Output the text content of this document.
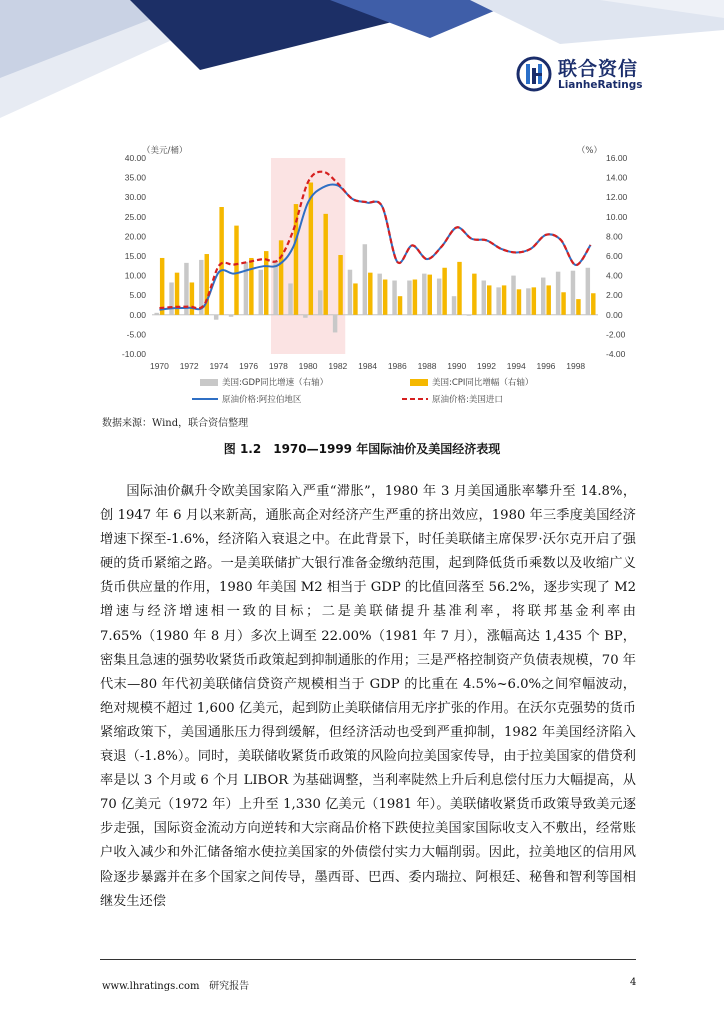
联合资信
LianheRatings
40.00
35.00
30.00
25.00
20.00
15.00
10.00
5.00
0.00
-5.00
-10.00
16.00
14.00
12.00
10.00
8.00
6.00
4.00
2.00
0.00
-2.00
-4.00
（美元/桶）	（%）
1970 1972 1974 1976 1978 1980 1982 1984 1986 1988 1990 1992 1994 1996 1998
美国:GDP同比增速（右轴）	美国:CPI同比增幅（右轴）
原油价格:阿拉伯地区	原油价格:美国进口
数据来源：Wind，联合资信整理
图 1.2　1970—1999 年国际油价及美国经济表现

国际油价飙升令欧美国家陷入严重“滞胀”，1980 年 3 月美国通胀率攀升至 14.8%，创 1947 年 6 月以来新高，通胀高企对经济产生严重的挤出效应，1980 年三季度美国经济增速下探至-1.6%，经济陷入衰退之中。在此背景下，时任美联储主席保罗·沃尔克开启了强硬的货币紧缩之路。一是美联储扩大银行准备金缴纳范围，起到降低货币乘数以及收缩广义货币供应量的作用，1980 年美国 M2 相当于 GDP 的比值回落至 56.2%，逐步实现了 M2 增速与经济增速相一致的目标；二是美联储提升基准利率，将联邦基金利率由 7.65%（1980 年 8 月）多次上调至 22.00%（1981 年 7 月），涨幅高达 1,435 个 BP，密集且急速的强势收紧货币政策起到抑制通胀的作用；三是严格控制资产负债表规模，70 年代末—80 年代初美联储信贷资产规模相当于 GDP 的比重在 4.5%~6.0%之间窄幅波动，绝对规模不超过 1,600 亿美元，起到防止美联储信用无序扩张的作用。在沃尔克强势的货币紧缩政策下，美国通胀压力得到缓解，但经济活动也受到严重抑制，1982 年美国经济陷入衰退（-1.8%）。同时，美联储收紧货币政策的风险向拉美国家传导，由于拉美国家的借贷利率是以 3 个月或 6 个月 LIBOR 为基础调整，当利率陡然上升后利息偿付压力大幅提高，从 70 亿美元（1972 年）上升至 1,330 亿美元（1981 年）。美联储收紧货币政策导致美元逐步走强，国际资金流动方向逆转和大宗商品价格下跌使拉美国家国际收支入不敷出，经常账户收入减少和外汇储备缩水使拉美国家的外债偿付实力大幅削弱。因此，拉美地区的信用风险逐步暴露并在多个国家之间传导，墨西哥、巴西、委内瑞拉、阿根廷、秘鲁和智利等国相继发生还偿

www.lhratings.com 研究报告	4
